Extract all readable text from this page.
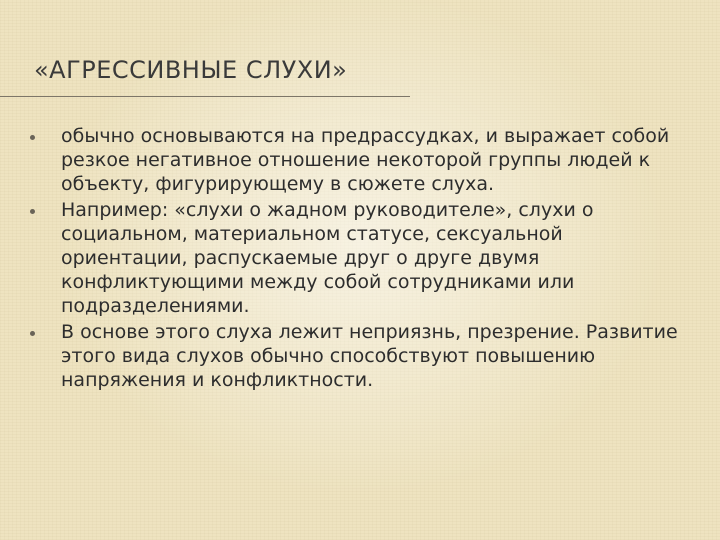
«АГРЕССИВНЫЕ СЛУХИ»
обычно основываются на предрассудках, и выражает собой резкое негативное отношение некоторой группы людей к объекту, фигурирующему в сюжете слуха.
Например: «слухи о жадном руководителе», слухи о социальном, материальном статусе, сексуальной ориентации, распускаемые друг о друге двумя конфликтующими между собой сотрудниками или подразделениями.
В основе этого слуха лежит неприязнь, презрение. Развитие этого вида слухов обычно способствуют повышению напряжения и конфликтности.
